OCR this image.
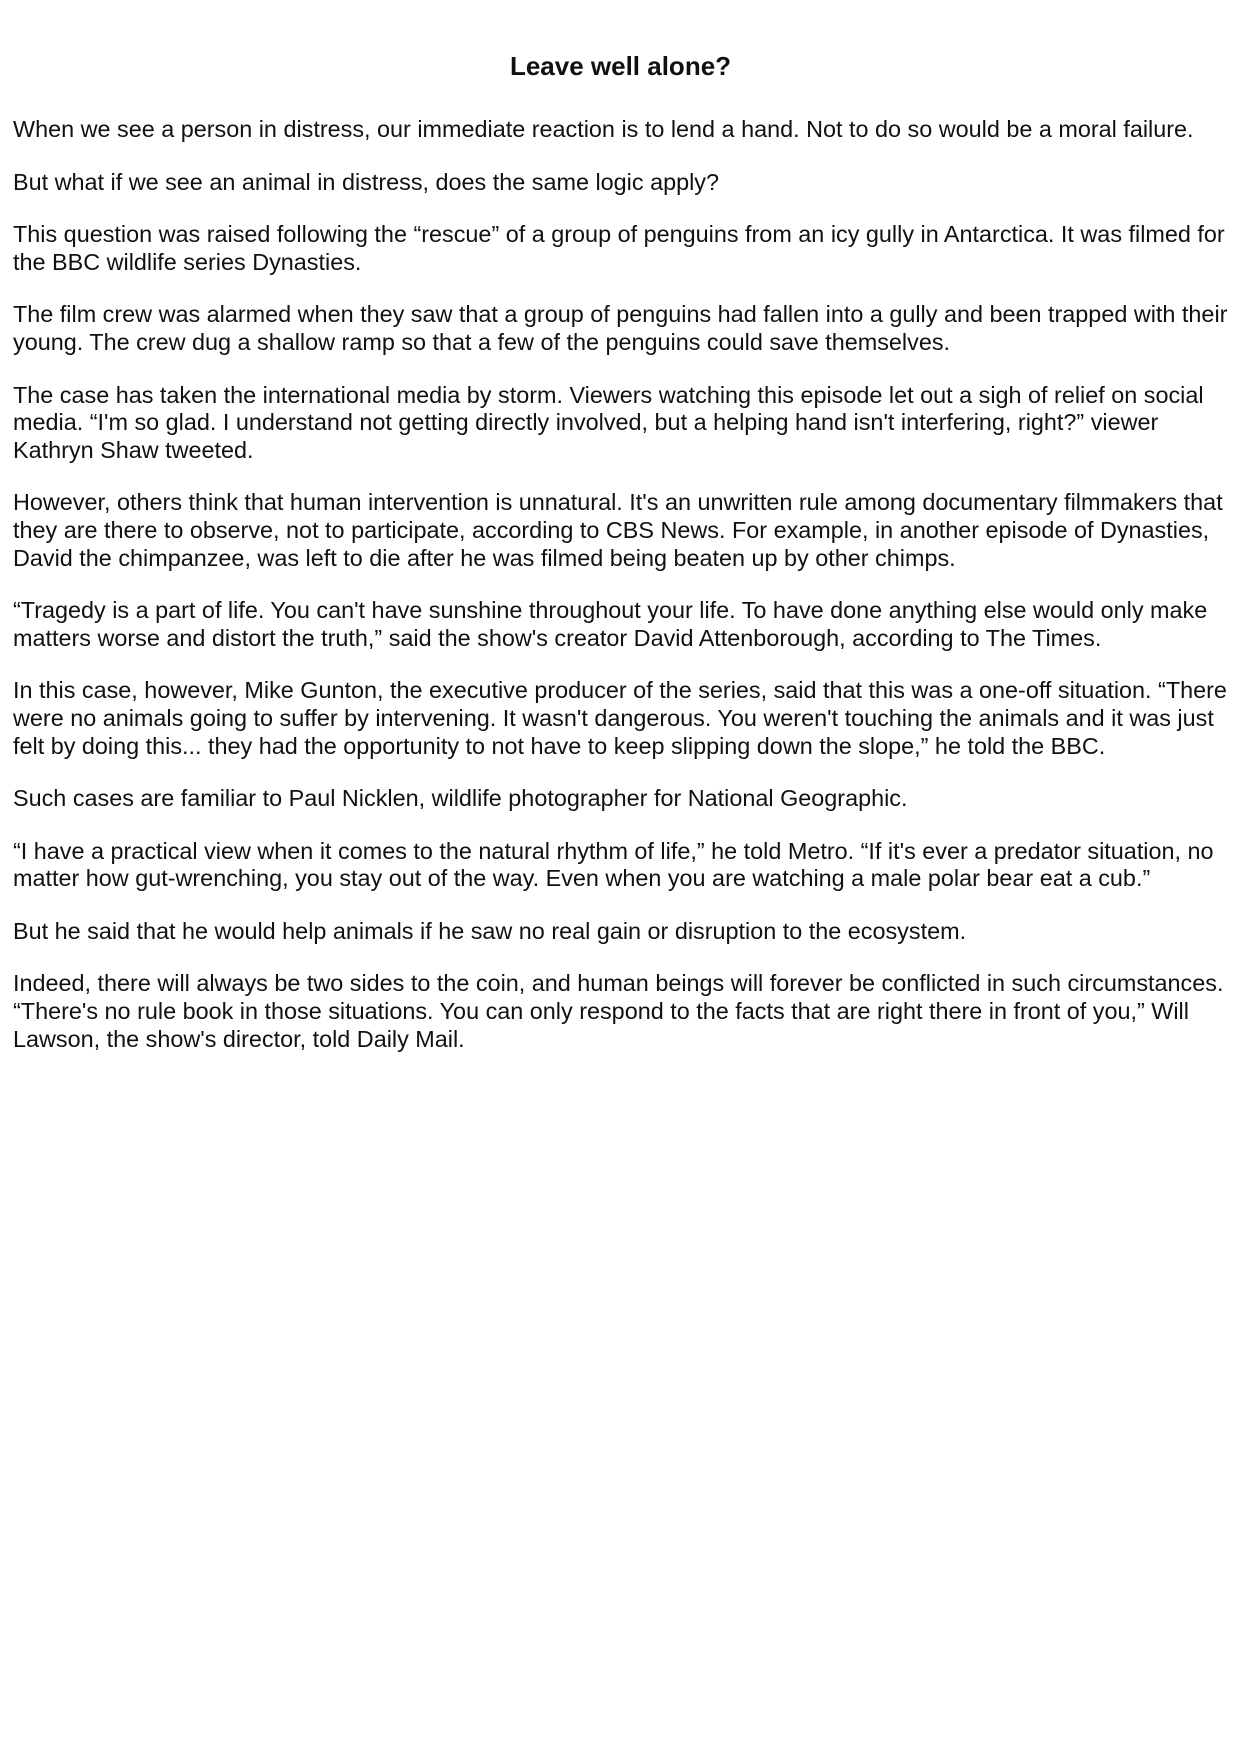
Leave well alone?

When we see a person in distress, our immediate reaction is to lend a hand. Not to do so would be a moral failure.

But what if we see an animal in distress, does the same logic apply?

This question was raised following the “rescue” of a group of penguins from an icy gully in Antarctica. It was filmed for the BBC wildlife series Dynasties.

The film crew was alarmed when they saw that a group of penguins had fallen into a gully and been trapped with their young. The crew dug a shallow ramp so that a few of the penguins could save themselves.

The case has taken the international media by storm. Viewers watching this episode let out a sigh of relief on social media. “I'm so glad. I understand not getting directly involved, but a helping hand isn't interfering, right?” viewer Kathryn Shaw tweeted.

However, others think that human intervention is unnatural. It's an unwritten rule among documentary filmmakers that they are there to observe, not to participate, according to CBS News. For example, in another episode of Dynasties, David the chimpanzee, was left to die after he was filmed being beaten up by other chimps.

“Tragedy is a part of life. You can't have sunshine throughout your life. To have done anything else would only make matters worse and distort the truth,” said the show's creator David Attenborough, according to The Times.

In this case, however, Mike Gunton, the executive producer of the series, said that this was a one-off situation. “There were no animals going to suffer by intervening. It wasn't dangerous. You weren't touching the animals and it was just felt by doing this... they had the opportunity to not have to keep slipping down the slope,” he told the BBC.

Such cases are familiar to Paul Nicklen, wildlife photographer for National Geographic.

“I have a practical view when it comes to the natural rhythm of life,” he told Metro. “If it's ever a predator situation, no matter how gut-wrenching, you stay out of the way. Even when you are watching a male polar bear eat a cub.”

But he said that he would help animals if he saw no real gain or disruption to the ecosystem.

Indeed, there will always be two sides to the coin, and human beings will forever be conflicted in such circumstances. “There's no rule book in those situations. You can only respond to the facts that are right there in front of you,” Will Lawson, the show's director, told Daily Mail.
